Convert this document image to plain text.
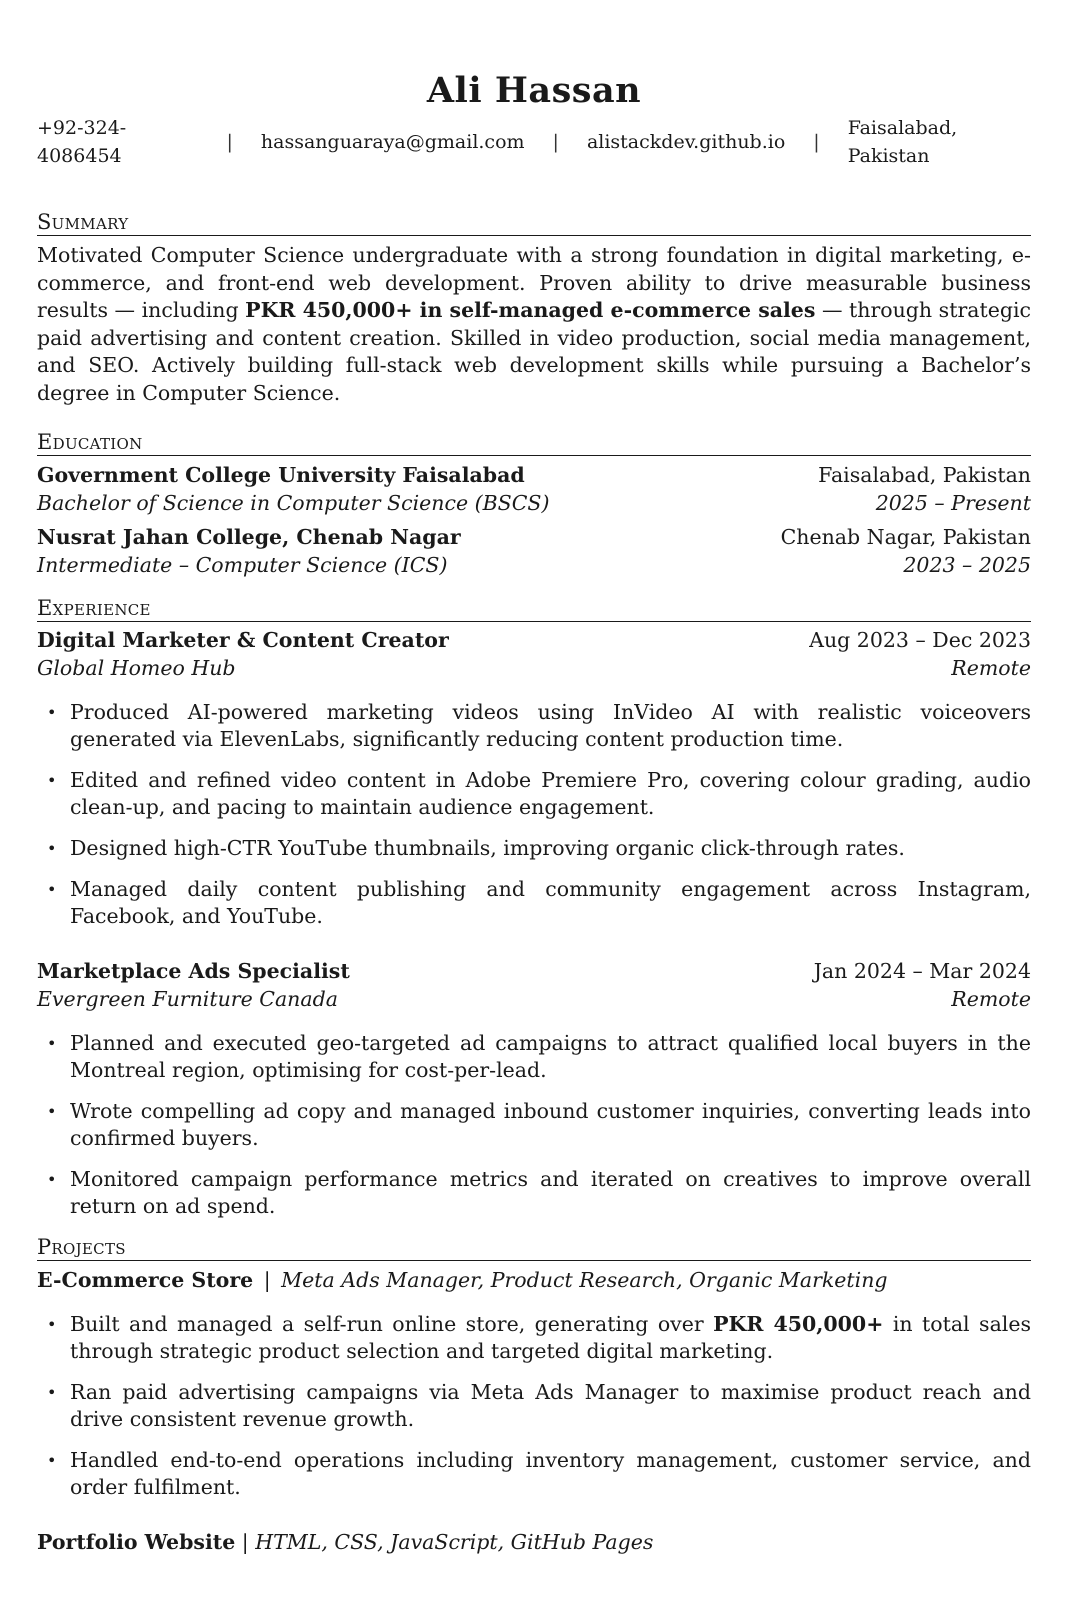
Ali Hassan
+92-324-4086454
| hassanguaraya@gmail.com | alistackdev.github.io |
Faisalabad, Pakistan
Summary

Motivated Computer Science undergraduate with a strong foundation in digital marketing, e-commerce, and front-end web development. Proven ability to drive measurable business results — including PKR 450,000+ in self-managed e-commerce sales — through strategic paid advertising and content creation. Skilled in video production, social media management, and SEO. Actively building full-stack web development skills while pursuing a Bachelor’s degree in Computer Science.

Education
Government College University Faisalabad	Faisalabad, Pakistan
Bachelor of Science in Computer Science (BSCS)	2025 – Present
Nusrat Jahan College, Chenab Nagar	Chenab Nagar, Pakistan
Intermediate – Computer Science (ICS)	2023 – 2025
Experience
Digital Marketer & Content Creator	Aug 2023 – Dec 2023
Global Homeo Hub	Remote
• Produced AI-powered marketing videos using InVideo AI with realistic voiceovers generated via ElevenLabs, significantly reducing content production time.
• Edited and refined video content in Adobe Premiere Pro, covering colour grading, audio clean-up, and pacing to maintain audience engagement.
• Designed high-CTR YouTube thumbnails, improving organic click-through rates.
• Managed daily content publishing and community engagement across Instagram, Facebook, and YouTube.
Marketplace Ads Specialist	Jan 2024 – Mar 2024
Evergreen Furniture Canada	Remote
• Planned and executed geo-targeted ad campaigns to attract qualified local buyers in the Montreal region, optimising for cost-per-lead.
• Wrote compelling ad copy and managed inbound customer inquiries, converting leads into confirmed buyers.
• Monitored campaign performance metrics and iterated on creatives to improve overall return on ad spend.
Projects
E-Commerce Store | Meta Ads Manager, Product Research, Organic Marketing
• Built and managed a self-run online store, generating over PKR 450,000+ in total sales through strategic product selection and targeted digital marketing.
• Ran paid advertising campaigns via Meta Ads Manager to maximise product reach and drive consistent revenue growth.
• Handled end-to-end operations including inventory management, customer service, and order fulfilment.
Portfolio Website | HTML, CSS, JavaScript, GitHub Pages
